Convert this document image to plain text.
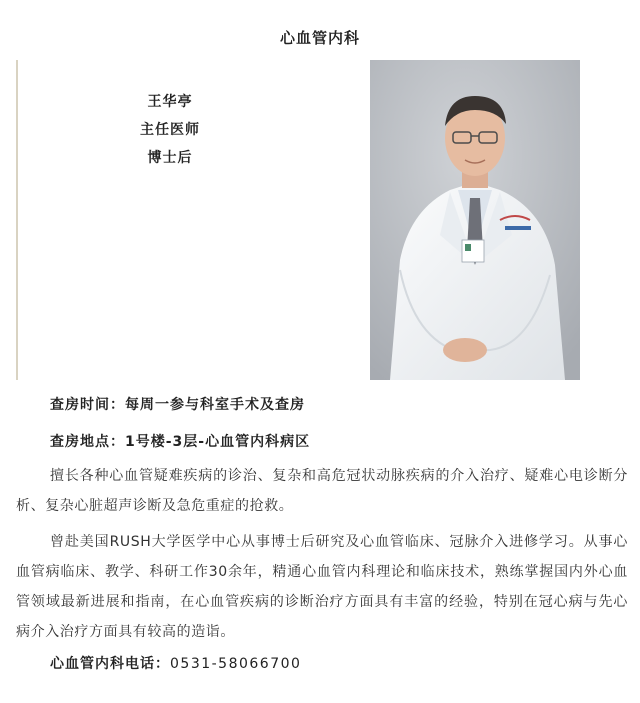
心血管内科
王华亭
主任医师
博士后
查房时间：每周一参与科室手术及查房
查房地点：1号楼-3层-心血管内科病区
擅长各种心血管疑难疾病的诊治、复杂和高危冠状动脉疾病的介入治疗、疑难心电诊断分析、复杂心脏超声诊断及急危重症的抢救。
曾赴美国RUSH大学医学中心从事博士后研究及心血管临床、冠脉介入进修学习。从事心血管病临床、教学、科研工作30余年，精通心血管内科理论和临床技术，熟练掌握国内外心血管领域最新进展和指南，在心血管疾病的诊断治疗方面具有丰富的经验，特别在冠心病与先心病介入治疗方面具有较高的造诣。
心血管内科电话：0531-58066700
